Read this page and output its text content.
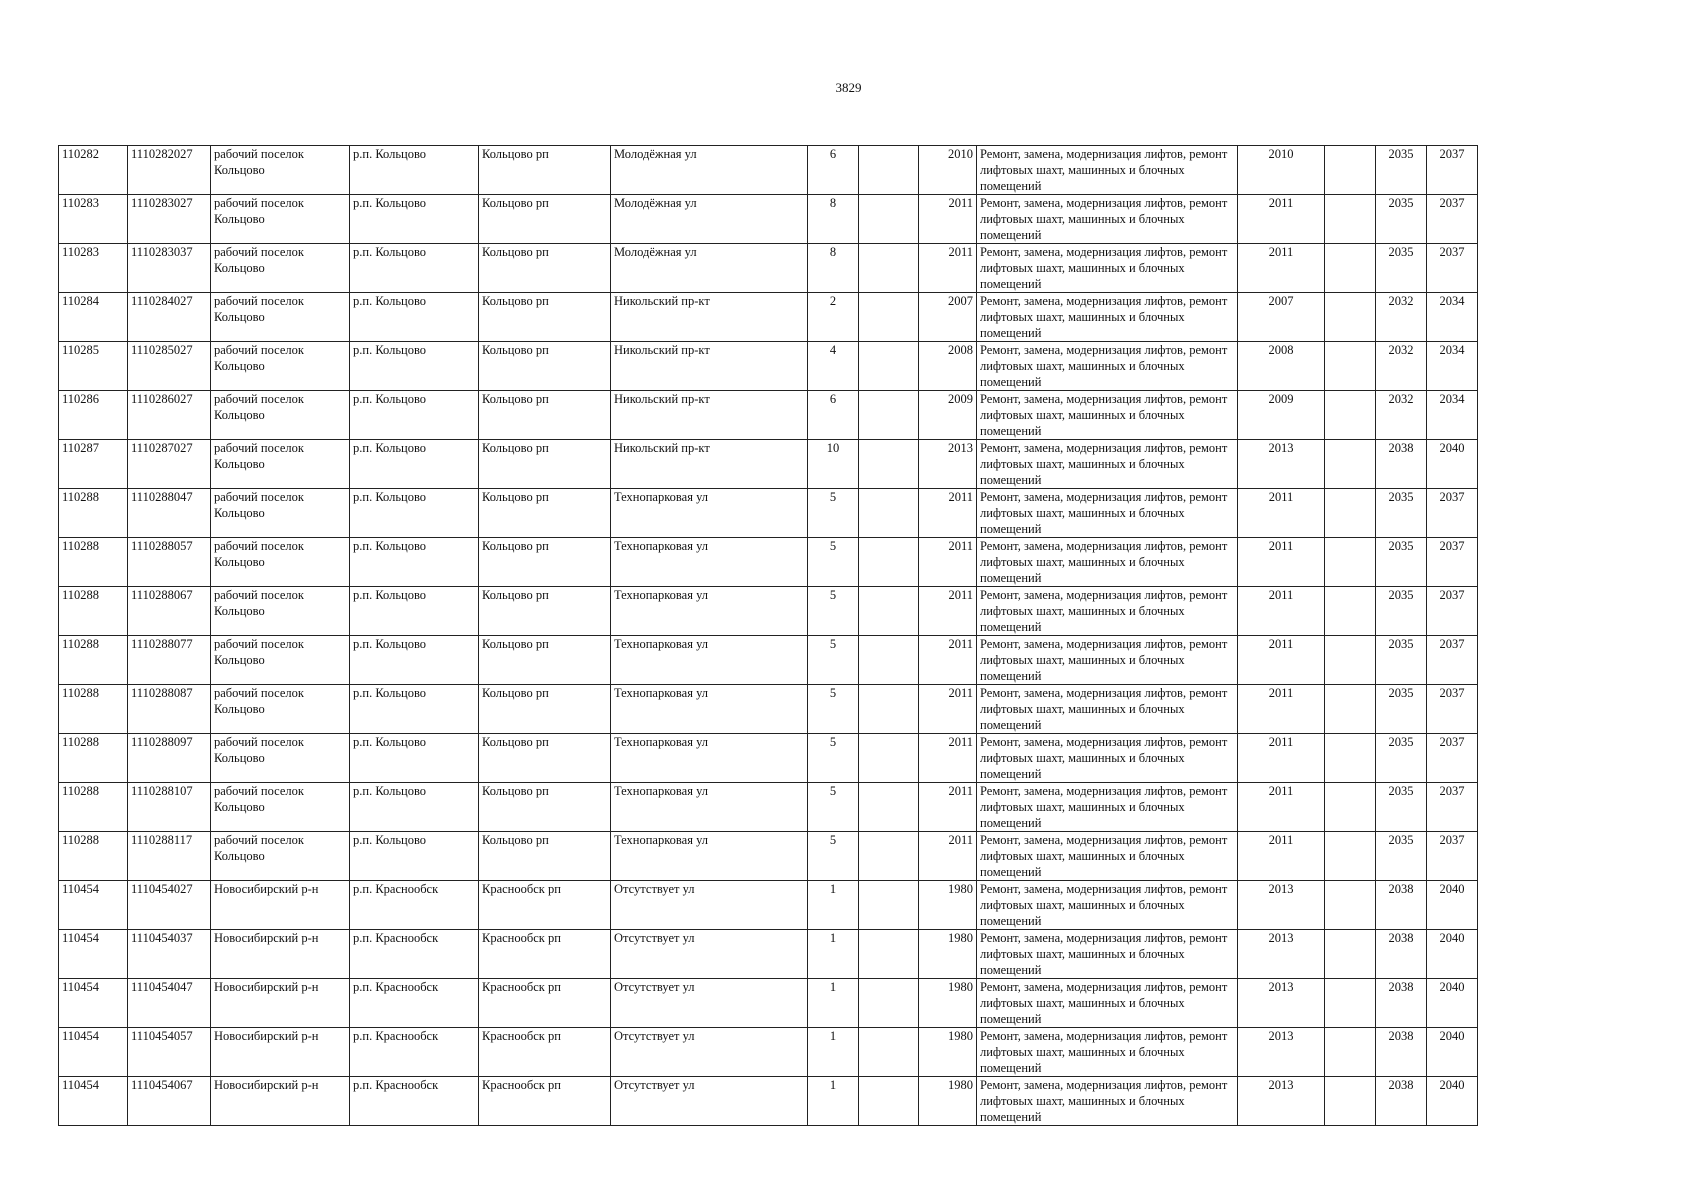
3829
110282	1110282027	рабочий поселок Кольцово	р.п. Кольцово	Кольцово рп	Молодёжная ул	6		2010	Ремонт, замена, модернизация лифтов, ремонт лифтовых шахт, машинных и блочных помещений	2010		2035	2037
110283	1110283027	рабочий поселок Кольцово	р.п. Кольцово	Кольцово рп	Молодёжная ул	8		2011	Ремонт, замена, модернизация лифтов, ремонт лифтовых шахт, машинных и блочных помещений	2011		2035	2037
110283	1110283037	рабочий поселок Кольцово	р.п. Кольцово	Кольцово рп	Молодёжная ул	8		2011	Ремонт, замена, модернизация лифтов, ремонт лифтовых шахт, машинных и блочных помещений	2011		2035	2037
110284	1110284027	рабочий поселок Кольцово	р.п. Кольцово	Кольцово рп	Никольский пр-кт	2		2007	Ремонт, замена, модернизация лифтов, ремонт лифтовых шахт, машинных и блочных помещений	2007		2032	2034
110285	1110285027	рабочий поселок Кольцово	р.п. Кольцово	Кольцово рп	Никольский пр-кт	4		2008	Ремонт, замена, модернизация лифтов, ремонт лифтовых шахт, машинных и блочных помещений	2008		2032	2034
110286	1110286027	рабочий поселок Кольцово	р.п. Кольцово	Кольцово рп	Никольский пр-кт	6		2009	Ремонт, замена, модернизация лифтов, ремонт лифтовых шахт, машинных и блочных помещений	2009		2032	2034
110287	1110287027	рабочий поселок Кольцово	р.п. Кольцово	Кольцово рп	Никольский пр-кт	10		2013	Ремонт, замена, модернизация лифтов, ремонт лифтовых шахт, машинных и блочных помещений	2013		2038	2040
110288	1110288047	рабочий поселок Кольцово	р.п. Кольцово	Кольцово рп	Технопарковая ул	5		2011	Ремонт, замена, модернизация лифтов, ремонт лифтовых шахт, машинных и блочных помещений	2011		2035	2037
110288	1110288057	рабочий поселок Кольцово	р.п. Кольцово	Кольцово рп	Технопарковая ул	5		2011	Ремонт, замена, модернизация лифтов, ремонт лифтовых шахт, машинных и блочных помещений	2011		2035	2037
110288	1110288067	рабочий поселок Кольцово	р.п. Кольцово	Кольцово рп	Технопарковая ул	5		2011	Ремонт, замена, модернизация лифтов, ремонт лифтовых шахт, машинных и блочных помещений	2011		2035	2037
110288	1110288077	рабочий поселок Кольцово	р.п. Кольцово	Кольцово рп	Технопарковая ул	5		2011	Ремонт, замена, модернизация лифтов, ремонт лифтовых шахт, машинных и блочных помещений	2011		2035	2037
110288	1110288087	рабочий поселок Кольцово	р.п. Кольцово	Кольцово рп	Технопарковая ул	5		2011	Ремонт, замена, модернизация лифтов, ремонт лифтовых шахт, машинных и блочных помещений	2011		2035	2037
110288	1110288097	рабочий поселок Кольцово	р.п. Кольцово	Кольцово рп	Технопарковая ул	5		2011	Ремонт, замена, модернизация лифтов, ремонт лифтовых шахт, машинных и блочных помещений	2011		2035	2037
110288	1110288107	рабочий поселок Кольцово	р.п. Кольцово	Кольцово рп	Технопарковая ул	5		2011	Ремонт, замена, модернизация лифтов, ремонт лифтовых шахт, машинных и блочных помещений	2011		2035	2037
110288	1110288117	рабочий поселок Кольцово	р.п. Кольцово	Кольцово рп	Технопарковая ул	5		2011	Ремонт, замена, модернизация лифтов, ремонт лифтовых шахт, машинных и блочных помещений	2011		2035	2037
110454	1110454027	Новосибирский р-н	р.п. Краснообск	Краснообск рп	Отсутствует ул	1		1980	Ремонт, замена, модернизация лифтов, ремонт лифтовых шахт, машинных и блочных помещений	2013		2038	2040
110454	1110454037	Новосибирский р-н	р.п. Краснообск	Краснообск рп	Отсутствует ул	1		1980	Ремонт, замена, модернизация лифтов, ремонт лифтовых шахт, машинных и блочных помещений	2013		2038	2040
110454	1110454047	Новосибирский р-н	р.п. Краснообск	Краснообск рп	Отсутствует ул	1		1980	Ремонт, замена, модернизация лифтов, ремонт лифтовых шахт, машинных и блочных помещений	2013		2038	2040
110454	1110454057	Новосибирский р-н	р.п. Краснообск	Краснообск рп	Отсутствует ул	1		1980	Ремонт, замена, модернизация лифтов, ремонт лифтовых шахт, машинных и блочных помещений	2013		2038	2040
110454	1110454067	Новосибирский р-н	р.п. Краснообск	Краснообск рп	Отсутствует ул	1		1980	Ремонт, замена, модернизация лифтов, ремонт лифтовых шахт, машинных и блочных помещений	2013		2038	2040
